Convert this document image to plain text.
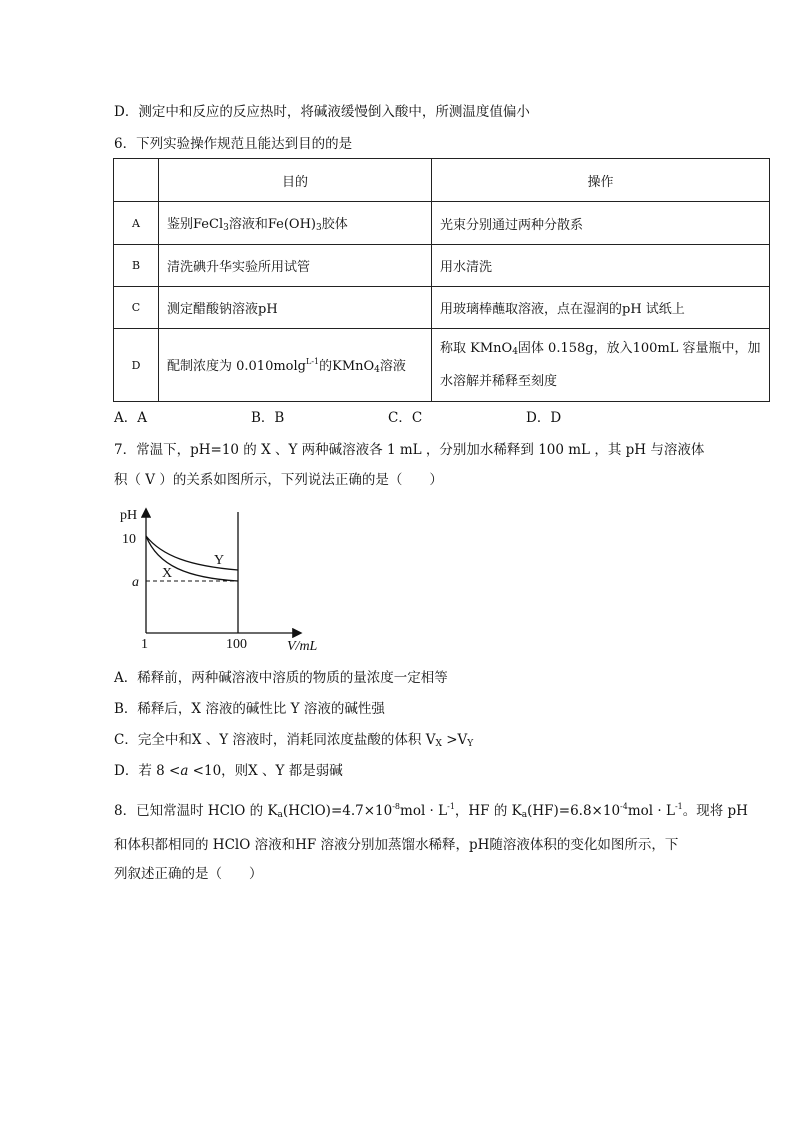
D．测定中和反应的反应热时，将碱液缓慢倒入酸中，所测温度值偏小
6．下列实验操作规范且能达到目的的是
	目的	操作
A	鉴别FeCl$_3$溶液和$Fe(OH)_3$胶体	光束分别通过两种分散系
B	清洗碘升华实验所用试管	用水清洗
C	测定醋酸钠溶液pH	用玻璃棒蘸取溶液，点在湿润的pH 试纸上
D	配制浓度为 0.010molg$^{L-1}$的KMnO$_4$溶液	称取 KMnO$_4$固体 0.158g，放入100mL 容量瓶中，加
水溶解并稀释至刻度
A．A	B．B	C．C	D．D
7．常温下，pH=10 的 X 、Y 两种碱溶液各 1 mL ，分别加水稀释到 100 mL ，其 pH 与溶液体
积（ V ）的关系如图所示，下列说法正确的是（　　）
pH
V/mL
10
a
1	100
Y
X
A．稀释前，两种碱溶液中溶质的物质的量浓度一定相等
B．稀释后，X 溶液的碱性比 Y 溶液的碱性强
C．完全中和X 、Y 溶液时，消耗同浓度盐酸的体积 $V_X >V_Y$
D．若 8 <a <10，则X 、Y 都是弱碱
8．已知常温时 HClO 的 $K_a(HClO)=4.7\times 10^{-8}mol \cdot L^{-1}$，HF 的 $K_a(HF)=6.8\times 10^{-4}mol \cdot L^{-1}$。现将 pH
和体积都相同的 HClO 溶液和HF 溶液分别加蒸馏水稀释，pH随溶液体积的变化如图所示，下
列叙述正确的是（　　）
